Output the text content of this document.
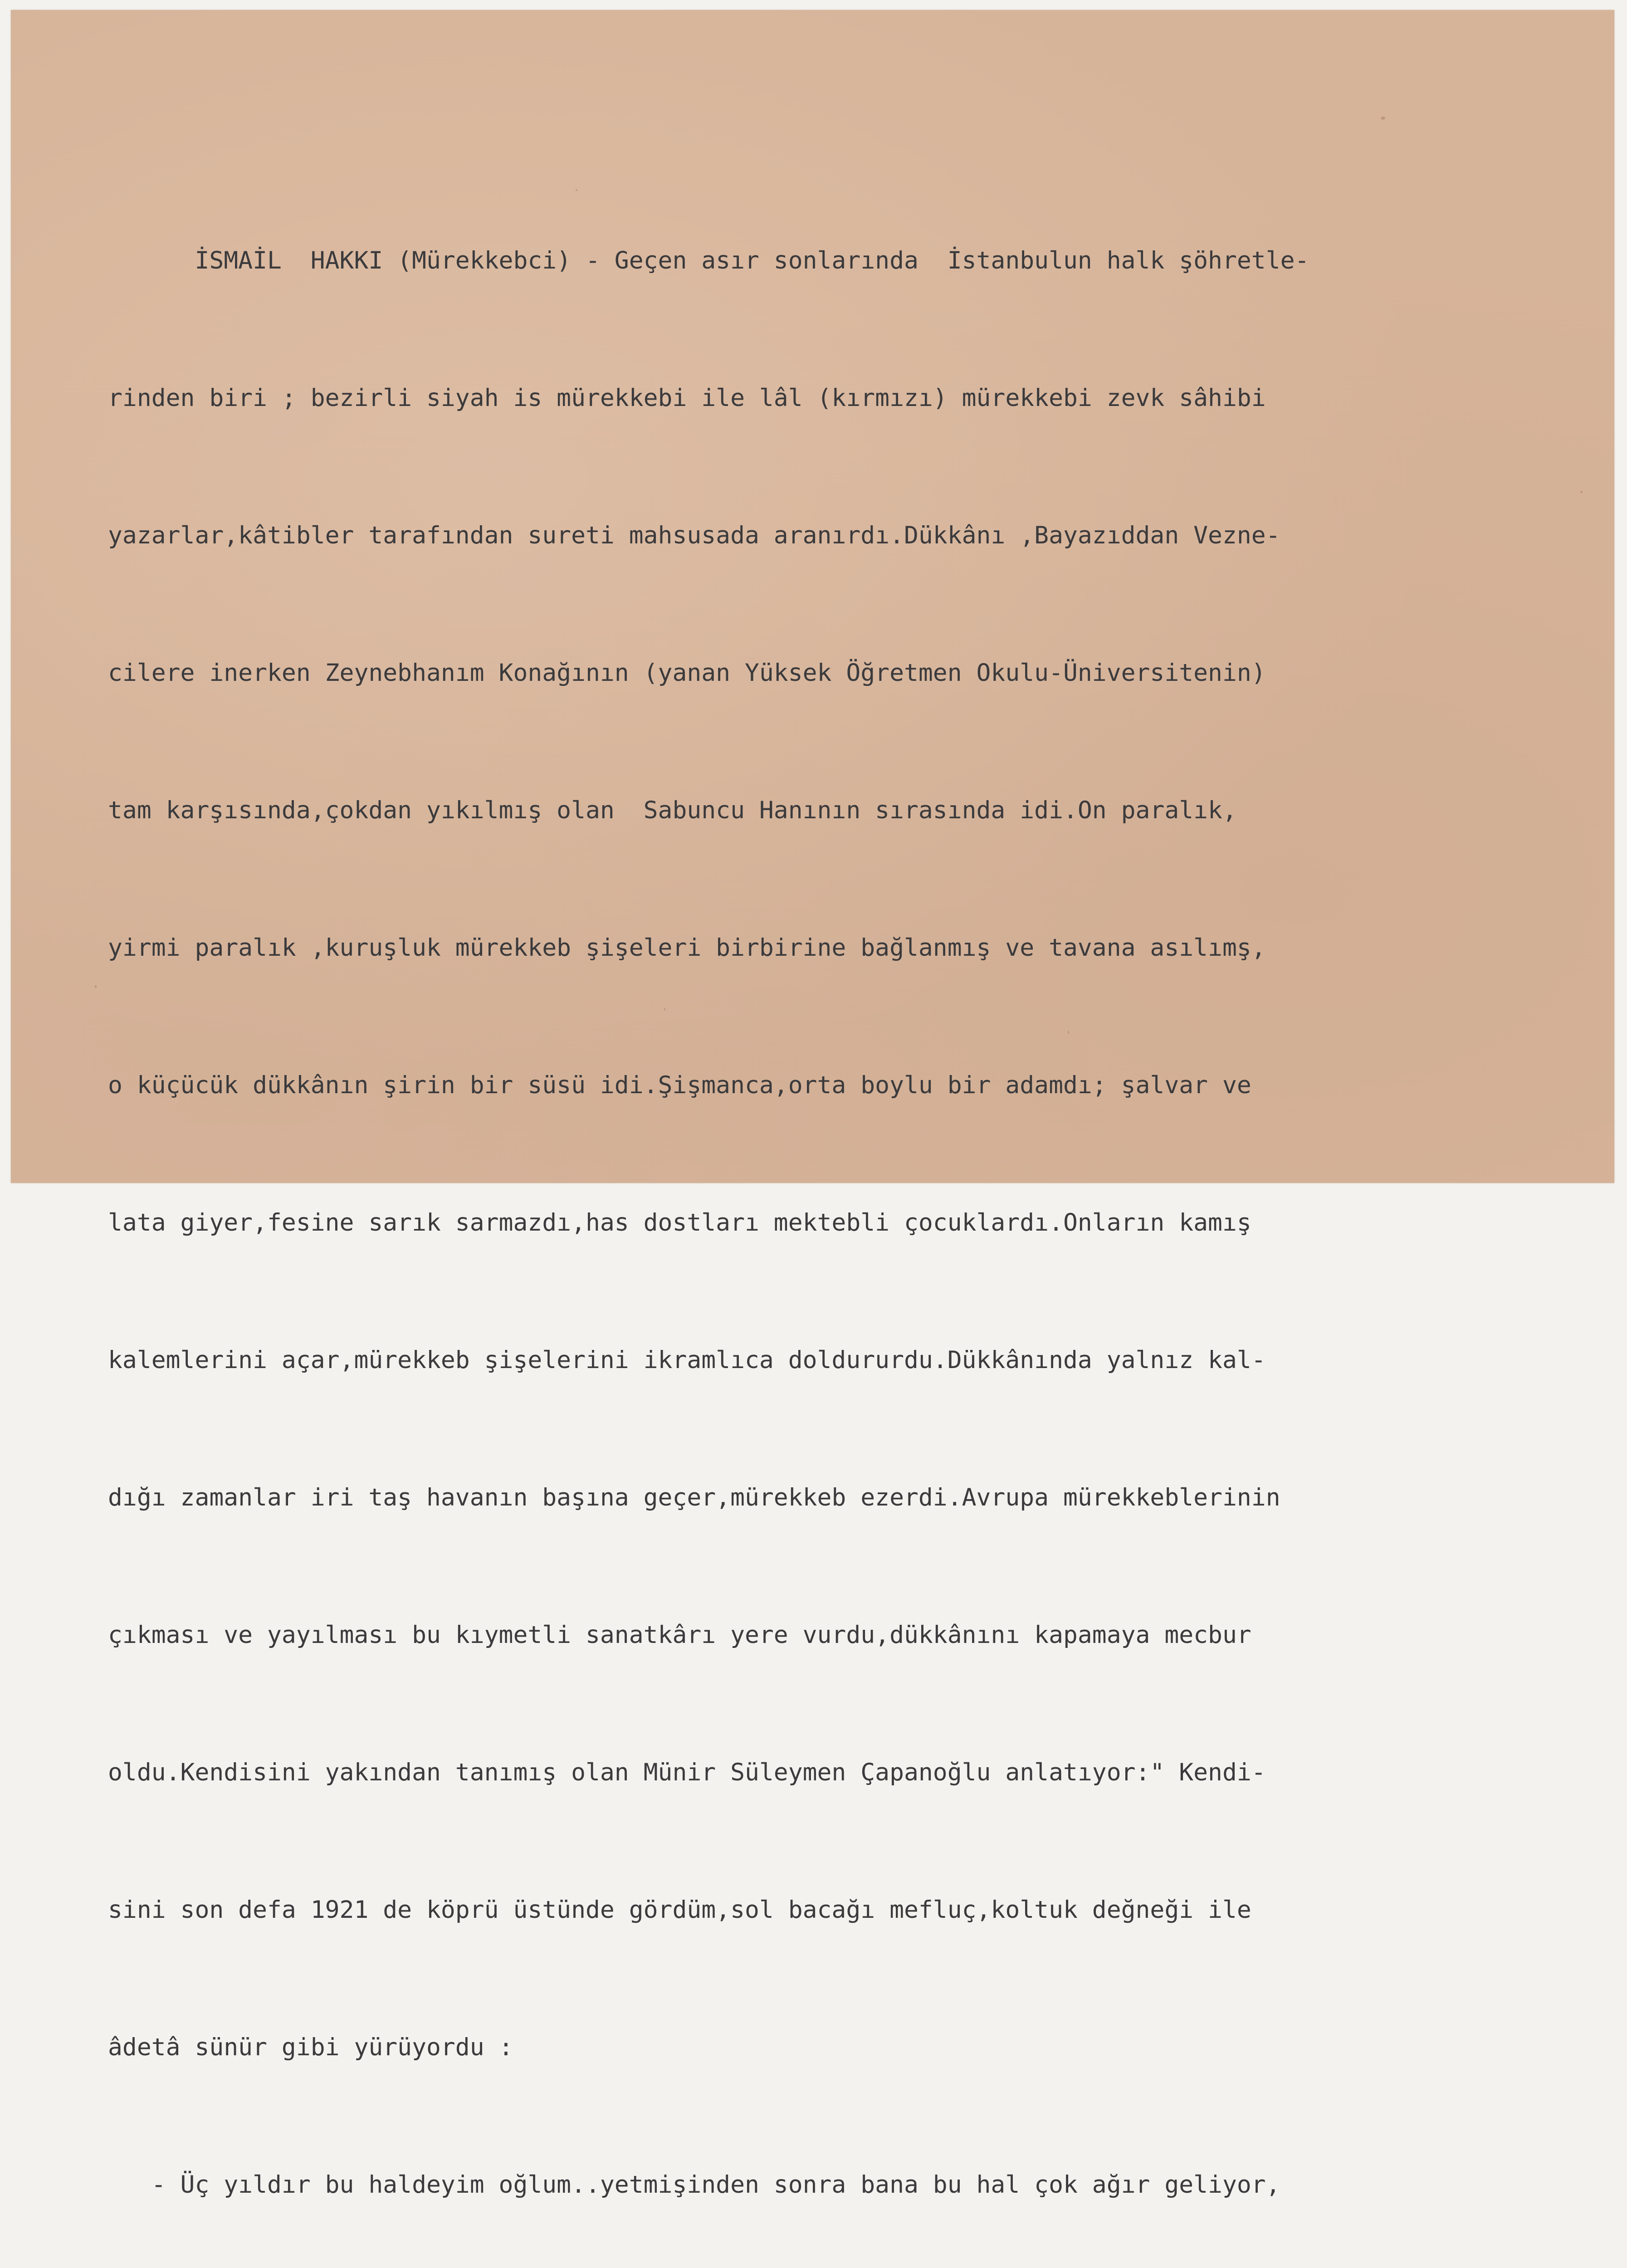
İSMAİL  HAKKI (Mürekkebci) - Geçen asır sonlarında  İstanbulun halk şöhretle-

rinden biri ; bezirli siyah is mürekkebi ile lâl (kırmızı) mürekkebi zevk sâhibi

yazarlar,kâtibler tarafından sureti mahsusada aranırdı.Dükkânı ,Bayazıddan Vezne-

cilere inerken Zeynebhanım Konağının (yanan Yüksek Öğretmen Okulu-Üniversitenin)

tam karşısında,çokdan yıkılmış olan  Sabuncu Hanının sırasında idi.On paralık,

yirmi paralık ,kuruşluk mürekkeb şişeleri birbirine bağlanmış ve tavana asılımş,

o küçücük dükkânın şirin bir süsü idi.Şişmanca,orta boylu bir adamdı; şalvar ve

lata giyer,fesine sarık sarmazdı,has dostları mektebli çocuklardı.Onların kamış

kalemlerini açar,mürekkeb şişelerini ikramlıca doldururdu.Dükkânında yalnız kal-

dığı zamanlar iri taş havanın başına geçer,mürekkeb ezerdi.Avrupa mürekkeblerinin

çıkması ve yayılması bu kıymetli sanatkârı yere vurdu,dükkânını kapamaya mecbur

oldu.Kendisini yakından tanımış olan Münir Süleymen Çapanoğlu anlatıyor:" Kendi-

sini son defa 1921 de köprü üstünde gördüm,sol bacağı mefluç,koltuk değneği ile

âdetâ sünür gibi yürüyordu :

- Üç yıldır bu haldeyim oğlum..yetmişinden sonra bana bu hal çok ağır geliyor,
